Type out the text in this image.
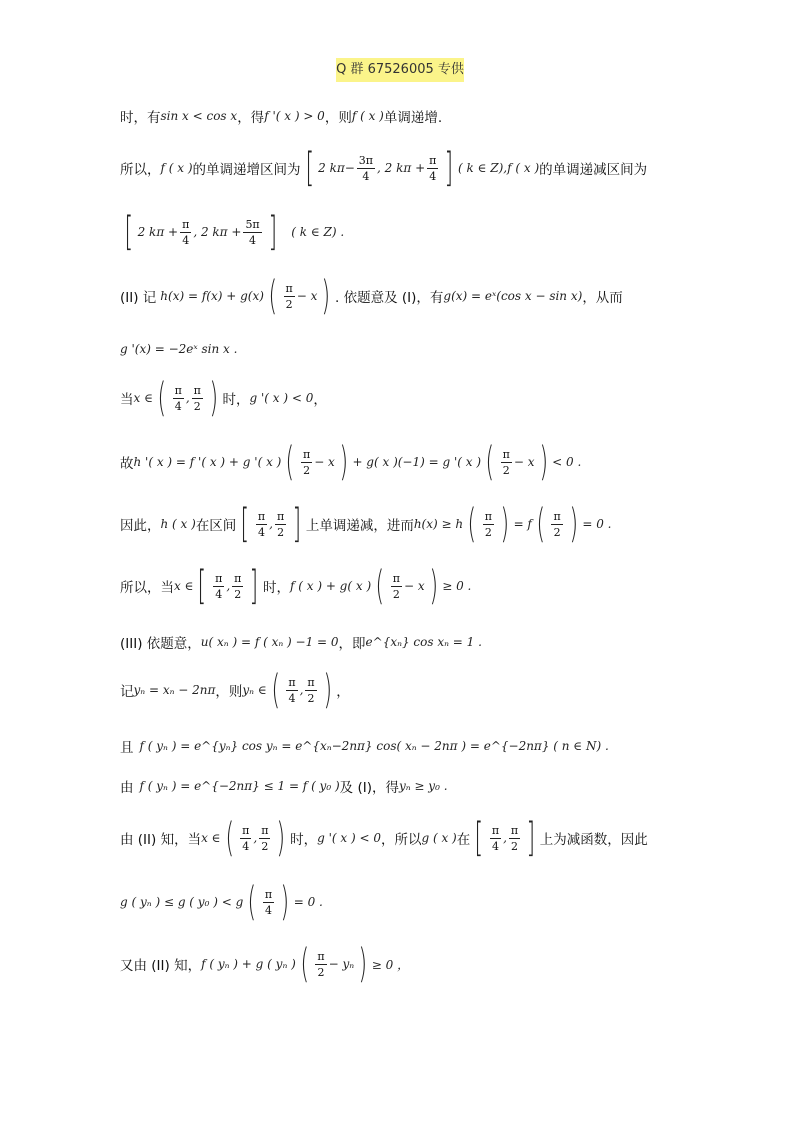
Q 群 67526005 专供
时，有 sin x < cos x ，得 f '( x ) > 0 ，则 f ( x ) 单调递增.
所以， f ( x ) 的单调递增区间为 [ 2 $k\pi- \frac{3\pi}{4}$ , 2 $k\pi + \frac{\pi}{4}$ ] ( k ∈ Z), f ( x ) 的单调递减区间为
[ 2 $k\pi + \frac{\pi}{4}$ , 2 $k\pi + \frac{5\pi}{4}$ ] ( k ∈ Z) .
(II) 记 h(x) = f(x) + g(x) ( π
2
− x ) . 依题意及 (I)，有 g(x) = eˣ(cos x − sin x) ，从而
g '(x) = −2eˣ sin x .
当 x ∈ ( π
4
,
π
2 ) 时， g '( x ) < 0 ，
故 h '( x ) = f '( x ) + g '( x ) ( π
2
− x ) + g( x )(−1) = g '( x ) ( π
2
− x ) < 0 .
因此， h ( x ) 在区间 [ π
4
,
π
2 ] 上单调递减，进而 h(x) ≥ h ( π
2 ) = f ( π
2 ) = 0 .
所以，当 x ∈ [ π
4
,
π
2 ] 时， f ( x ) + g( x ) ( π
2
− x ) ≥ 0 .
(III) 依题意， u( xₙ ) = f ( xₙ ) −1 = 0 ，即 e^{xₙ} cos xₙ = 1 .
记 yₙ = xₙ − 2nπ ，则 yₙ ∈ ( π
4
,
π
2 ) ，
且 f ( yₙ ) = e^{yₙ} cos yₙ = e^{xₙ−2nπ} cos( xₙ − 2nπ ) = e^{−2nπ} ( n ∈ N) .
由 f ( yₙ ) = e^{−2nπ} ≤ 1 = f ( y₀ ) 及 (I)，得 yₙ ≥ y₀ .
由 (II) 知，当 x ∈ ( π
4
,
π
2 ) 时， g '( x ) < 0 ，所以 g ( x ) 在 [ π
4
,
π
2 ] 上为减函数，因此
g ( yₙ ) ≤ g ( y₀ ) < g ( π
4 ) = 0 .
又由 (II) 知， f ( yₙ ) + g ( yₙ ) ( π
2
− yₙ ) ≥ 0 ，
